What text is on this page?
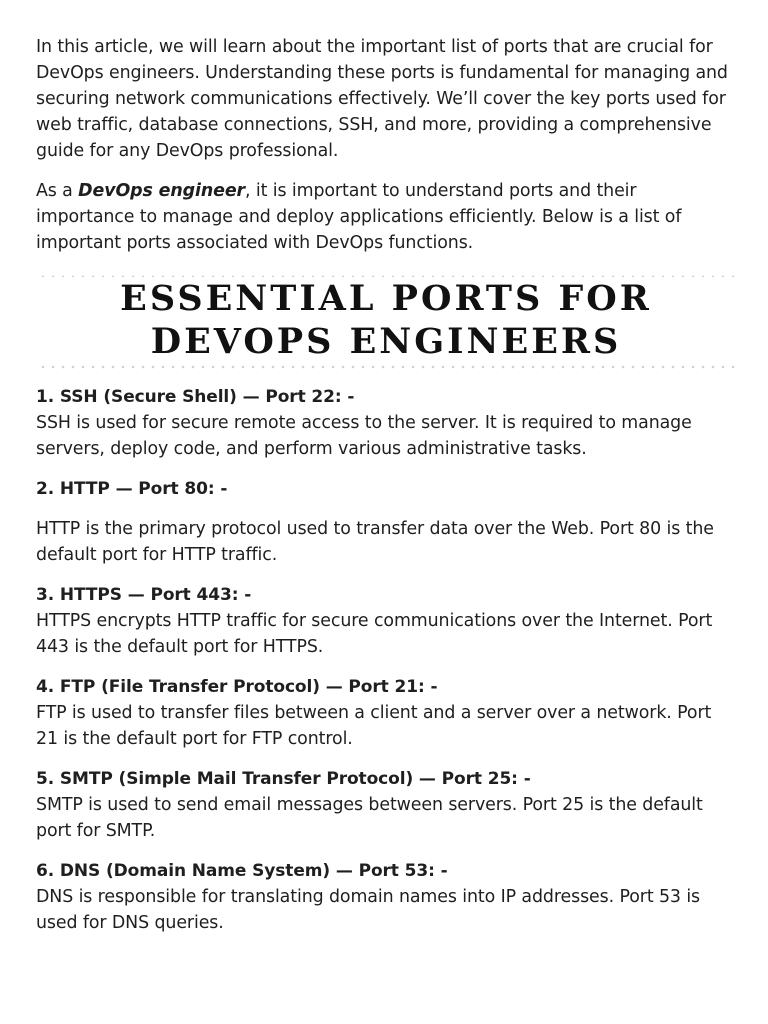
In this article, we will learn about the important list of ports that are crucial for DevOps engineers. Understanding these ports is fundamental for managing and securing network communications effectively. We’ll cover the key ports used for web traffic, database connections, SSH, and more, providing a comprehensive guide for any DevOps professional.

As a DevOps engineer, it is important to understand ports and their importance to manage and deploy applications efficiently. Below is a list of important ports associated with DevOps functions.

ESSENTIAL PORTS FOR DEVOPS ENGINEERS

1. SSH (Secure Shell) — Port 22: -

SSH is used for secure remote access to the server. It is required to manage servers, deploy code, and perform various administrative tasks.

2. HTTP — Port 80: -

HTTP is the primary protocol used to transfer data over the Web. Port 80 is the default port for HTTP traffic.

3. HTTPS — Port 443: -

HTTPS encrypts HTTP traffic for secure communications over the Internet. Port 443 is the default port for HTTPS.

4. FTP (File Transfer Protocol) — Port 21: -

FTP is used to transfer files between a client and a server over a network. Port 21 is the default port for FTP control.

5. SMTP (Simple Mail Transfer Protocol) — Port 25: -

SMTP is used to send email messages between servers. Port 25 is the default port for SMTP.

6. DNS (Domain Name System) — Port 53: -

DNS is responsible for translating domain names into IP addresses. Port 53 is used for DNS queries.
